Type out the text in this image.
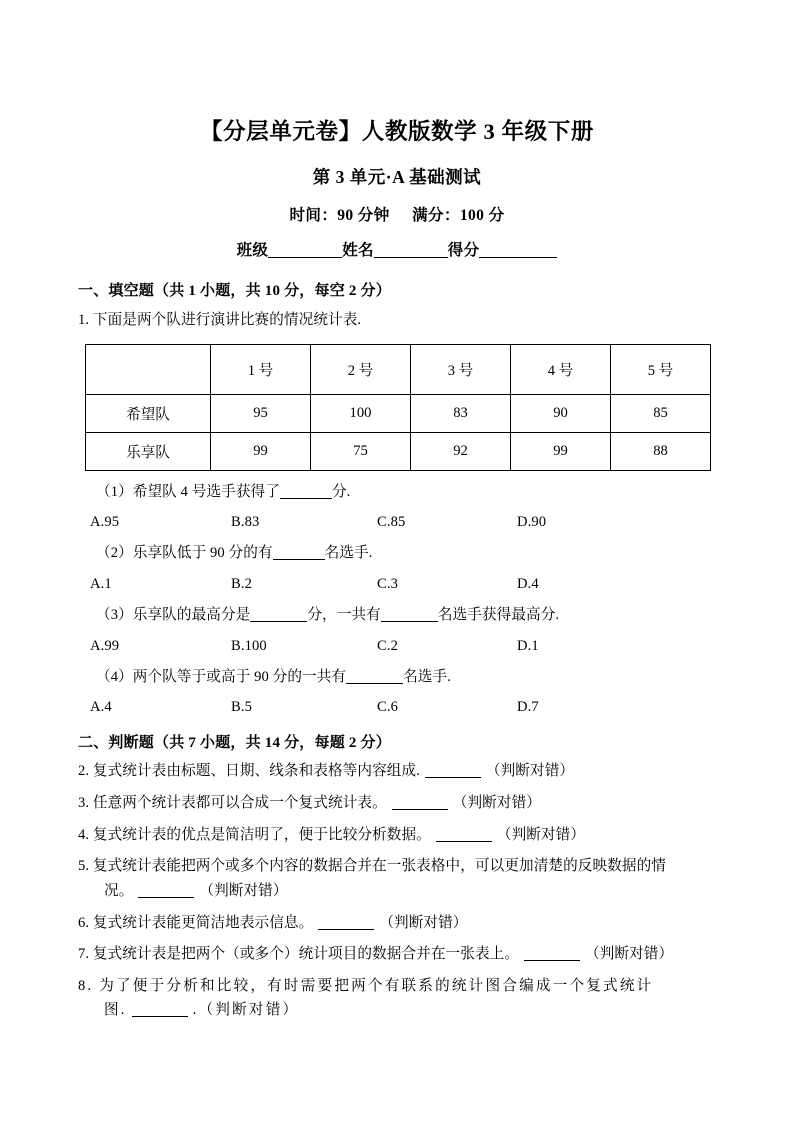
【分层单元卷】人教版数学 3 年级下册
第 3 单元·A 基础测试
时间：90 分钟 满分：100 分
班级	姓名	得分
一、填空题（共 1 小题，共 10 分，每空 2 分）
1. 下面是两个队进行演讲比赛的情况统计表.
	1 号	2 号	3 号	4 号	5 号
希望队	95	100	83	90	85
乐享队	99	75	92	99	88
（1）希望队 4 号选手获得了	分.
A.95	B.83	C.85	D.90
（2）乐享队低于 90 分的有	名选手.
A.1	B.2	C.3	D.4
（3）乐享队的最高分是	分，一共有	名选手获得最高分.
A.99	B.100	C.2	D.1
（4）两个队等于或高于 90 分的一共有	名选手.
A.4	B.5	C.6	D.7
二、判断题（共 7 小题，共 14 分，每题 2 分）
2. 复式统计表由标题、日期、线条和表格等内容组成.	（判断对错）
3. 任意两个统计表都可以合成一个复式统计表。	（判断对错）
4. 复式统计表的优点是简洁明了，便于比较分析数据。	（判断对错）
5. 复式统计表能把两个或多个内容的数据合并在一张表格中，可以更加清楚的反映数据的情
况。	（判断对错）
6. 复式统计表能更简洁地表示信息。	（判断对错）
7. 复式统计表是把两个（或多个）统计项目的数据合并在一张表上。	（判断对错）
8. 为了便于分析和比较，有时需要把两个有联系的统计图合编成一个复式统计
图.	.（判断对错）
